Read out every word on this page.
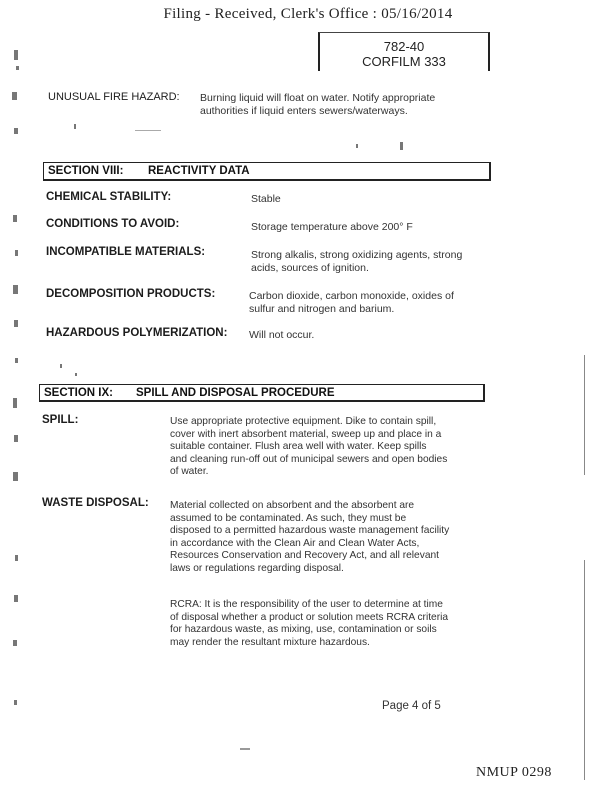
Filing - Received, Clerk's Office : 05/16/2014
782-40
CORFILM 333
UNUSUAL FIRE HAZARD: Burning liquid will float on water. Notify appropriate
authorities if liquid enters sewers/waterways.
SECTION VIII: REACTIVITY DATA
CHEMICAL STABILITY:	Stable
CONDITIONS TO AVOID:	Storage temperature above 200° F
INCOMPATIBLE MATERIALS:	Strong alkalis, strong oxidizing agents, strong
acids, sources of ignition.
DECOMPOSITION PRODUCTS:	Carbon dioxide, carbon monoxide, oxides of
sulfur and nitrogen and barium.
HAZARDOUS POLYMERIZATION: Will not occur.
SECTION IX: SPILL AND DISPOSAL PROCEDURE
SPILL:	Use appropriate protective equipment. Dike to contain spill,
cover with inert absorbent material, sweep up and place in a
suitable container. Flush area well with water. Keep spills
and cleaning run-off out of municipal sewers and open bodies
of water.
WASTE DISPOSAL: Material collected on absorbent and the absorbent are
assumed to be contaminated. As such, they must be
disposed to a permitted hazardous waste management facility
in accordance with the Clean Air and Clean Water Acts,
Resources Conservation and Recovery Act, and all relevant
laws or regulations regarding disposal.
RCRA: It is the responsibility of the user to determine at time
of disposal whether a product or solution meets RCRA criteria
for hazardous waste, as mixing, use, contamination or soils
may render the resultant mixture hazardous.
Page 4 of 5
NMUP 0298
